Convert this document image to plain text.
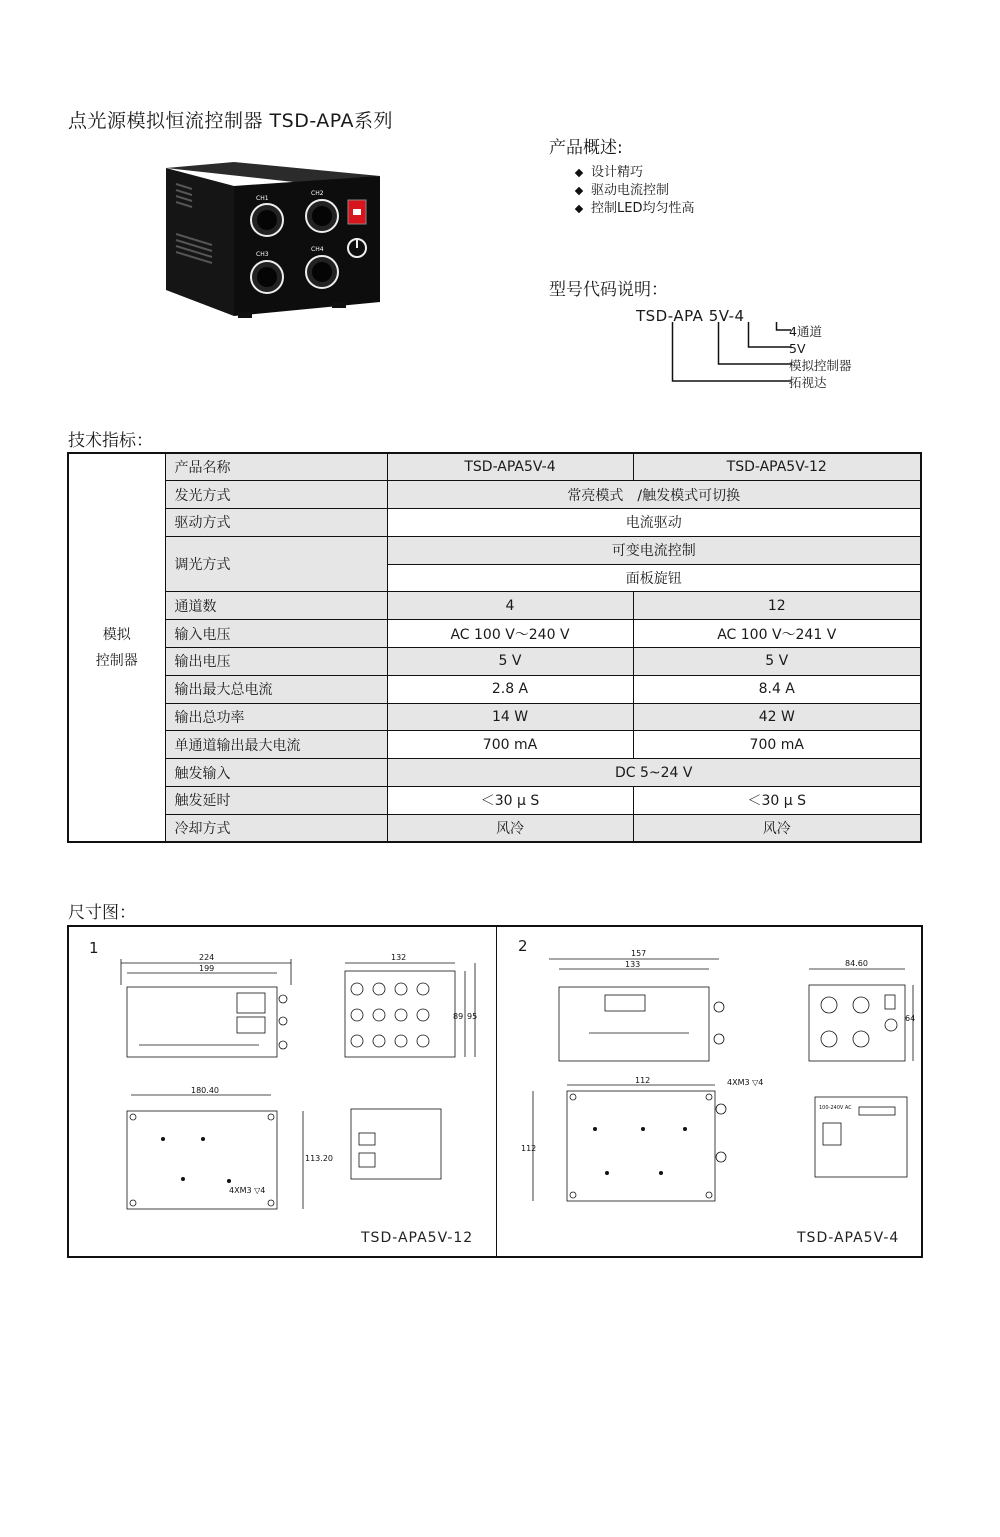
点光源模拟恒流控制器 TSD-APA系列
CH1
CH2
CH3
CH4
产品概述:
设计精巧
驱动电流控制
控制LED均匀性高
型号代码说明：
TSD-APA 5V-4
4通道
5V
模拟控制器
拓视达
技术指标：
模拟
控制器	产品名称	TSD-APA5V-4	TSD-APA5V-12
	发光方式	常亮模式　/触发模式可切换	
	驱动方式	电流驱动	
	调光方式	可变电流控制	
		面板旋钮	
	通道数	4	12
	输入电压	AC 100 V～240 V	AC 100 V～241 V
	输出电压	5 V	5 V
	输出最大总电流	2.8 A	8.4 A
	输出总功率	14 W	42 W
	单通道输出最大电流	700 mA	700 mA
	触发输入	DC 5~24 V	
	触发延时	＜30 μ S	＜30 μ S
	冷却方式	风冷	风冷
尺寸图：
1	2
TSD-APA5V-12	TSD-APA5V-4
224
199
132
89 95
180.40
113.20
4XM3 ▽4
157
133	84.60
64
112
112
4XM3 ▽4
100-240V AC
